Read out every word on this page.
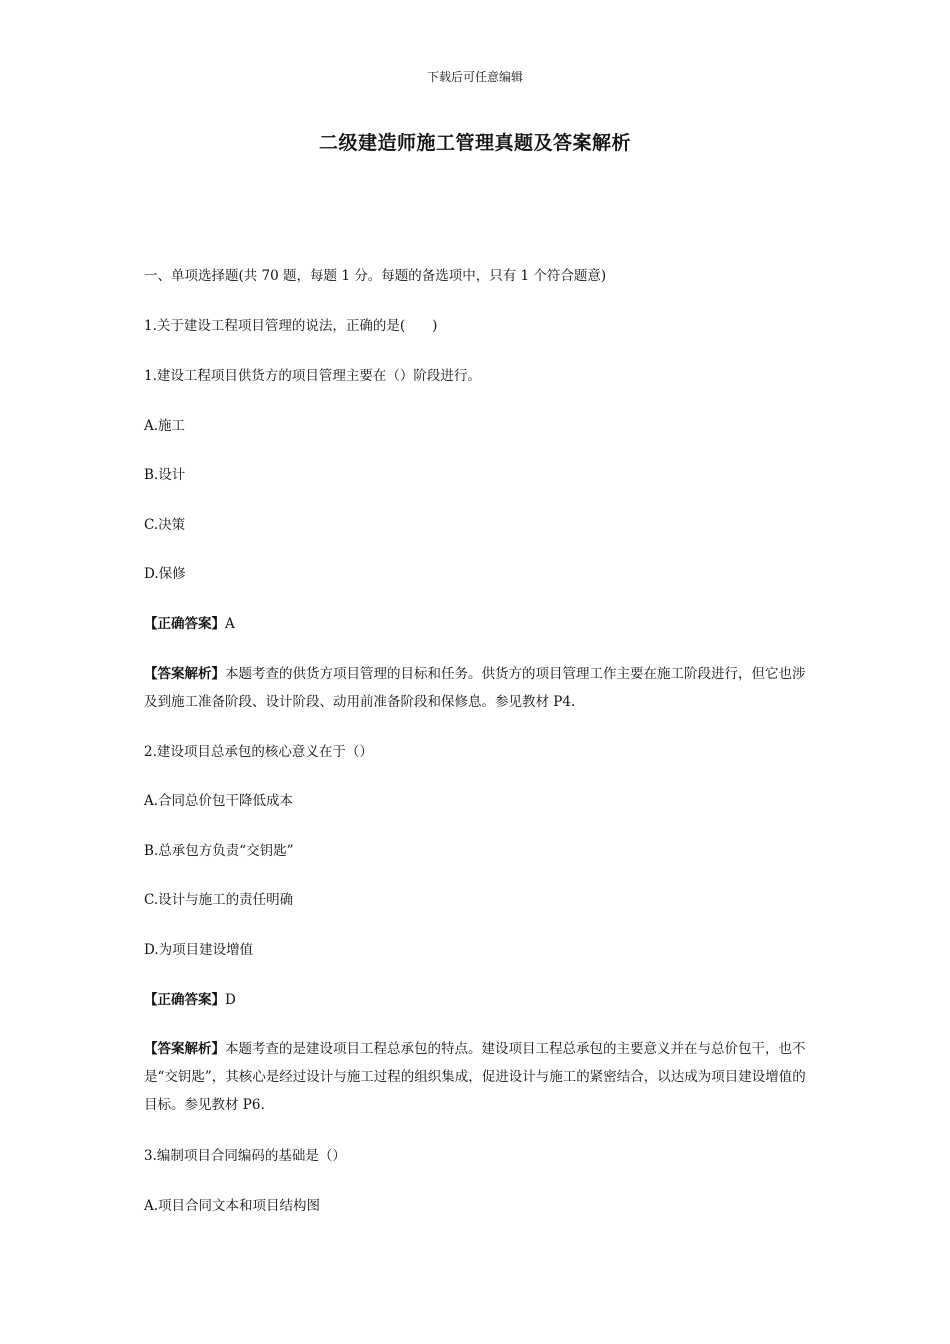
下载后可任意编辑
二级建造师施工管理真题及答案解析
一、单项选择题(共 70 题，每题 1 分。每题的备选项中，只有 1 个符合题意)
1.关于建设工程项目管理的说法，正确的是(　　)
1.建设工程项目供货方的项目管理主要在（）阶段进行。
A.施工
B.设计
C.决策
D.保修
【正确答案】A
【答案解析】本题考查的供货方项目管理的目标和任务。供货方的项目管理工作主要在施工阶段进行，但它也涉及到施工准备阶段、设计阶段、动用前准备阶段和保修息。参见教材 P4.
2.建设项目总承包的核心意义在于（）
A.合同总价包干降低成本
B.总承包方负责“交钥匙”
C.设计与施工的责任明确
D.为项目建设增值
【正确答案】D
【答案解析】本题考查的是建设项目工程总承包的特点。建设项目工程总承包的主要意义并在与总价包干，也不是“交钥匙”，其核心是经过设计与施工过程的组织集成，促进设计与施工的紧密结合，以达成为项目建设增值的目标。参见教材 P6.
3.编制项目合同编码的基础是（）
A.项目合同文本和项目结构图
